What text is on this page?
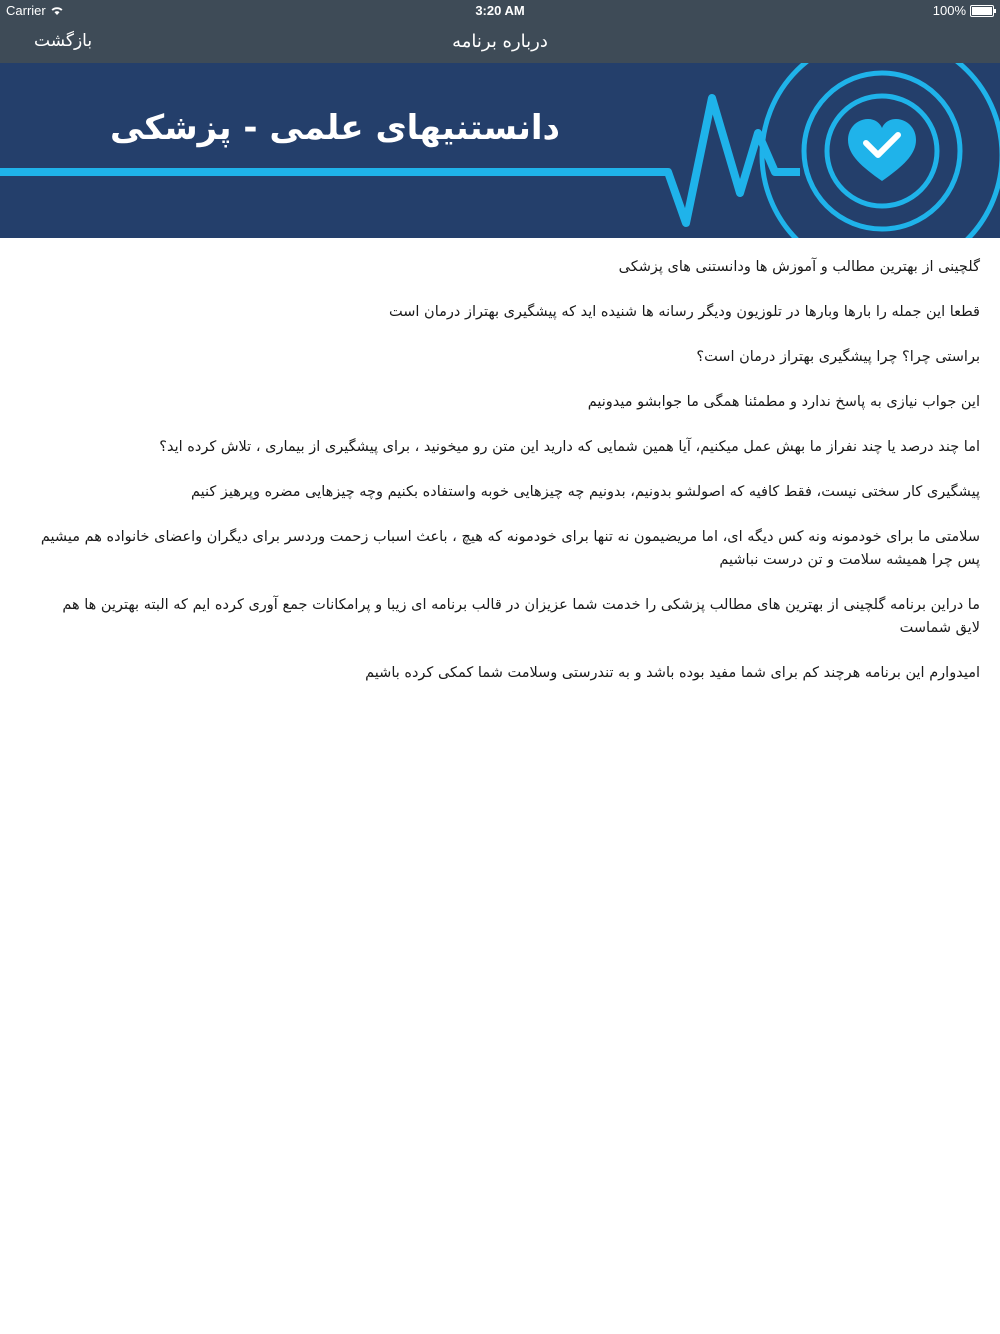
Carrier	3:20 AM	100%
درباره برنامه
بازگشت
دانستنیهای علمی - پزشکی

گلچینی از بهترین مطالب و آموزش ها ودانستنی های پزشکی

قطعا این جمله را بارها وبارها در تلوزیون ودیگر رسانه ها شنیده اید که پیشگیری بهتراز درمان است

براستی چرا؟ چرا پیشگیری بهتراز درمان است؟

این جواب نیازی به پاسخ ندارد و مطمئنا همگی ما جوابشو میدونیم

اما چند درصد یا چند نفراز ما بهش عمل میکنیم، آیا همین شمایی که دارید این متن رو میخونید ، برای پیشگیری از بیماری ، تلاش کرده اید؟

پیشگیری کار سختی نیست، فقط کافیه که اصولشو بدونیم، بدونیم چه چیزهایی خوبه واستفاده بکنیم وچه چیزهایی مضره وپرهیز کنیم

سلامتی ما برای خودمونه ونه کس دیگه ای، اما مریضیمون نه تنها برای خودمونه که هیچ ، باعث اسباب زحمت وردسر برای دیگران واعضای خانواده هم میشیم پس چرا همیشه سلامت و تن درست نباشیم

ما دراین برنامه گلچینی از بهترین های مطالب پزشکی را خدمت شما عزیزان در قالب برنامه ای زیبا و پرامکانات جمع آوری کرده ایم که البته بهترین ها هم لایق شماست

امیدوارم این برنامه هرچند کم برای شما مفید بوده باشد و به تندرستی وسلامت شما کمکی کرده باشیم
